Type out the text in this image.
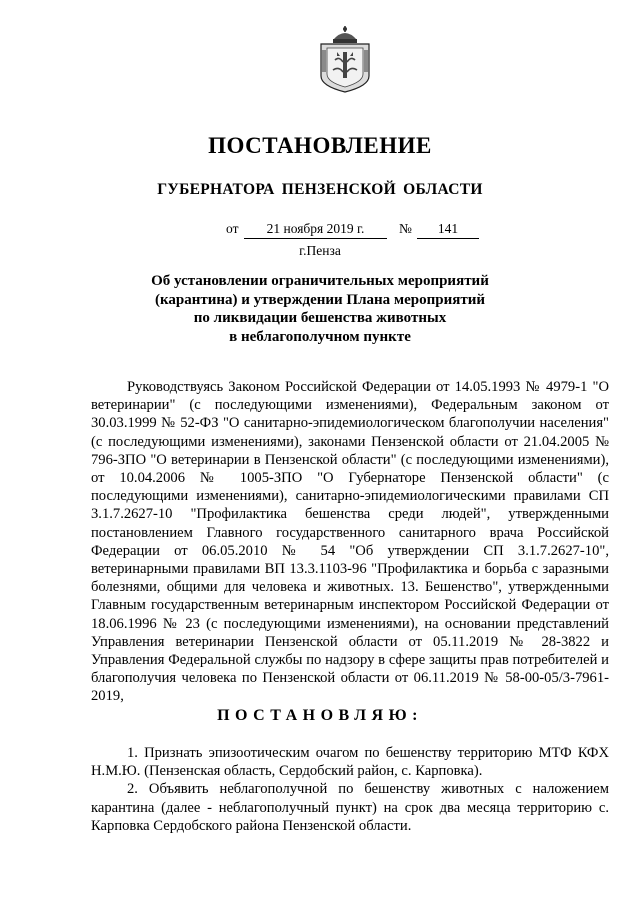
ПОСТАНОВЛЕНИЕ
ГУБЕРНАТОРА ПЕНЗЕНСКОЙ ОБЛАСТИ
от	21 ноября 2019 г.	№	141
г.Пенза
Об установлении ограничительных мероприятий
(карантина) и утверждении Плана мероприятий
по ликвидации бешенства животных
в неблагополучном пункте

Руководствуясь Законом Российской Федерации от 14.05.1993 № 4979-1 "О ветеринарии" (с последующими изменениями), Федеральным законом от 30.03.1999 № 52-ФЗ "О санитарно-эпидемиологическом благополучии населения" (с последующими изменениями), законами Пензенской области от 21.04.2005 № 796-ЗПО "О ветеринарии в Пензенской области" (с последующими изменениями), от 10.04.2006 № 1005-ЗПО "О Губернаторе Пензенской области" (с последующими изменениями), санитарно-эпидемиологическими правилами СП 3.1.7.2627-10 "Профилактика бешенства среди людей", утвержденными постановлением Главного государственного санитарного врача Российской Федерации от 06.05.2010 № 54 "Об утверждении СП 3.1.7.2627-10", ветеринарными правилами ВП 13.3.1103-96 "Профилактика и борьба с заразными болезнями, общими для человека и животных. 13. Бешенство", утвержденными Главным государственным ветеринарным инспектором Российской Федерации от 18.06.1996 № 23 (с последующими изменениями), на основании представлений Управления ветеринарии Пензенской области от 05.11.2019 № 28-3822 и Управления Федеральной службы по надзору в сфере защиты прав потребителей и благополучия человека по Пензенской области от 06.11.2019 № 58-00-05/3-7961-2019,

ПОСТАНОВЛЯЮ:

1. Признать эпизоотическим очагом по бешенству территорию МТФ КФХ Н.М.Ю. (Пензенская область, Сердобский район, с. Карповка).

2. Объявить неблагополучной по бешенству животных с наложением карантина (далее - неблагополучный пункт) на срок два месяца территорию с. Карповка Сердобского района Пензенской области.
